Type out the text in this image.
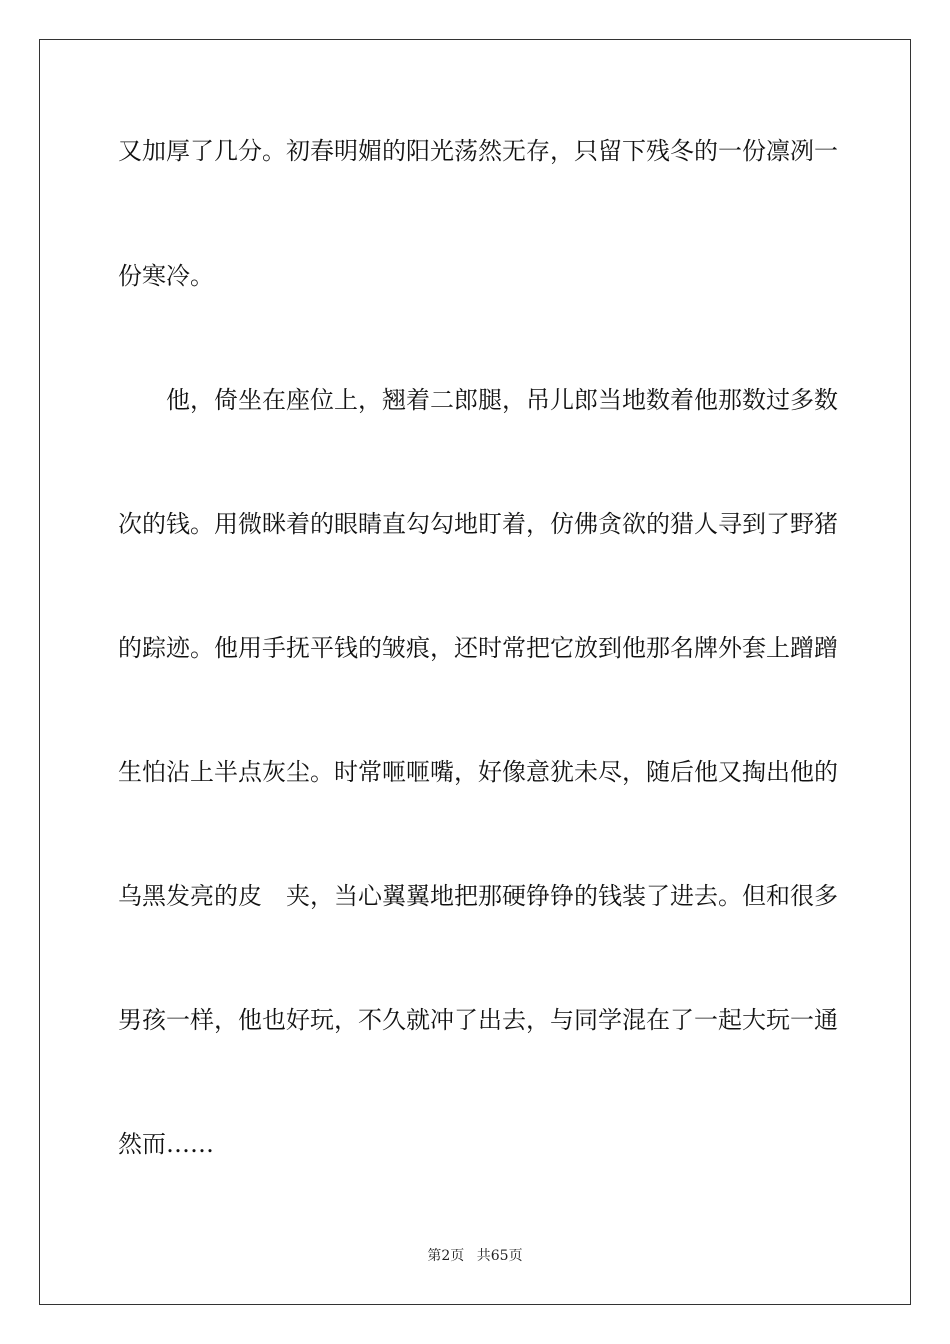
又加厚了几分。初春明媚的阳光荡然无存，只留下残冬的一份凛冽一
份寒冷。
　　他，倚坐在座位上，翘着二郎腿，吊儿郎当地数着他那数过多数
次的钱。用微眯着的眼睛直勾勾地盯着，仿佛贪欲的猎人寻到了野猪
的踪迹。他用手抚平钱的皱痕，还时常把它放到他那名牌外套上蹭蹭
生怕沾上半点灰尘。时常咂咂嘴，好像意犹未尽，随后他又掏出他的
乌黑发亮的皮　夹，当心翼翼地把那硬铮铮的钱装了进去。但和很多
男孩一样，他也好玩，不久就冲了出去，与同学混在了一起大玩一通
然而……
第2页 共65页
